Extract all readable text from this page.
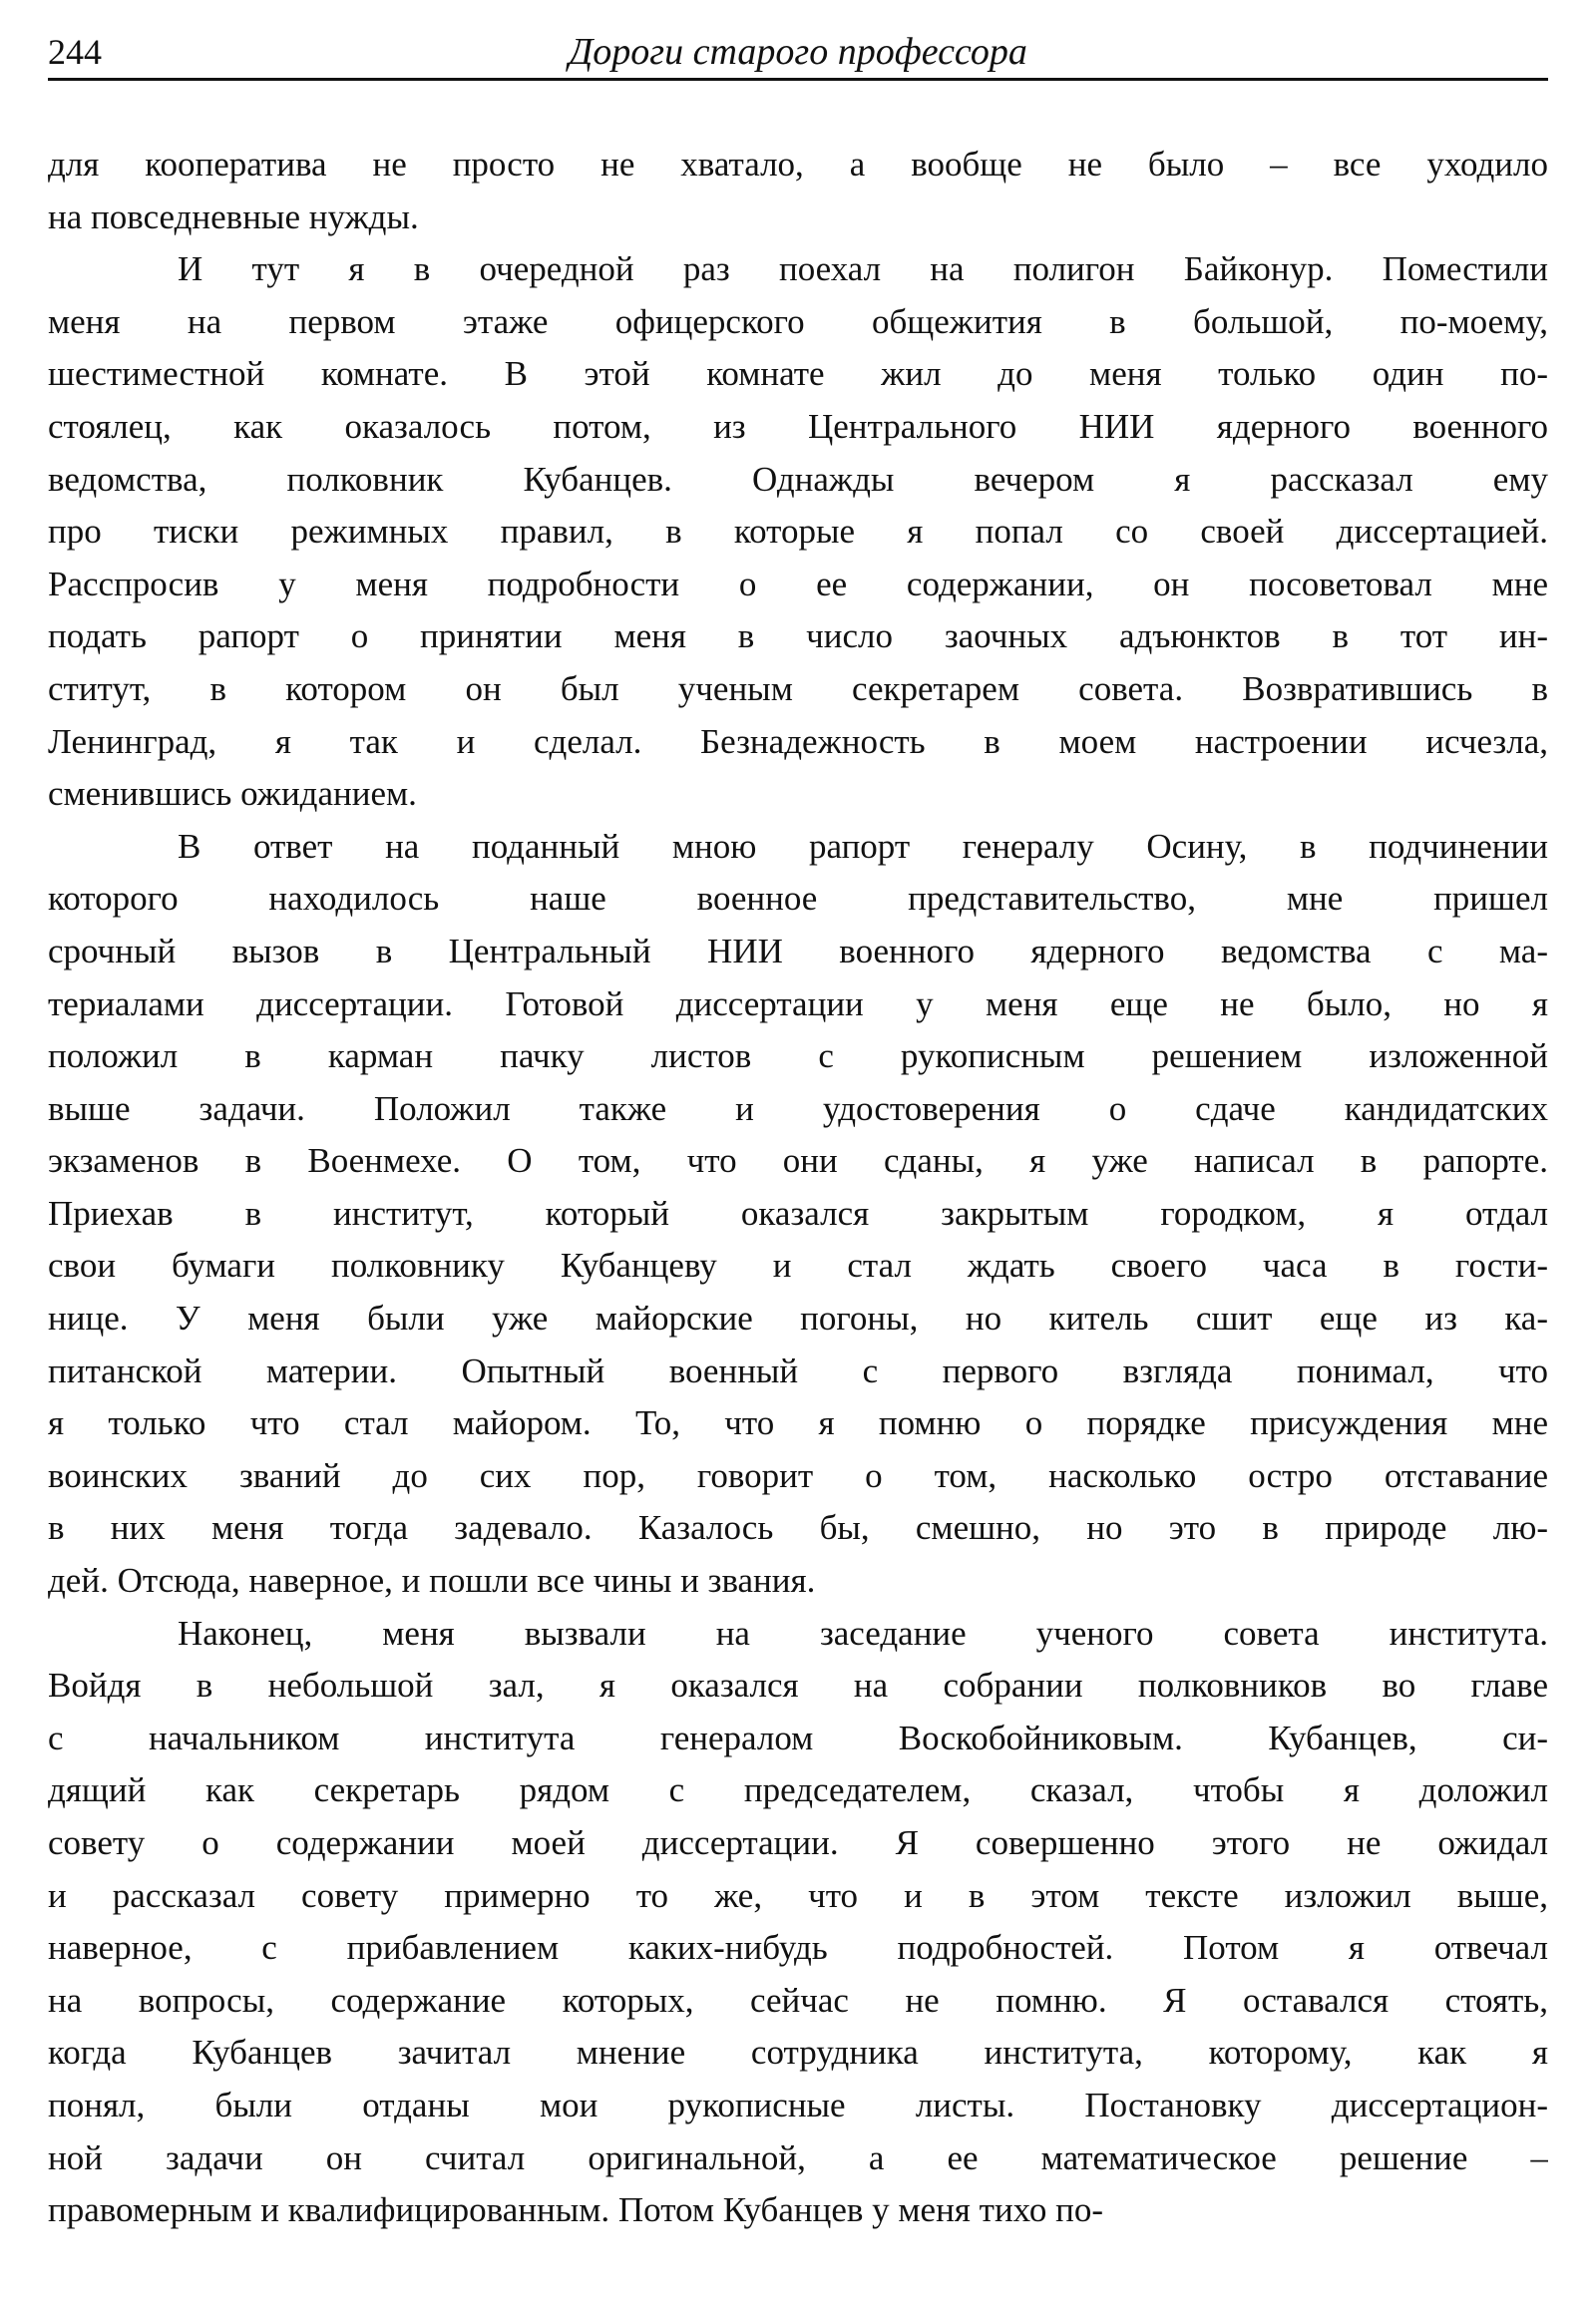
244	Дороги старого профессора
для кооператива не просто не хватало, а вообще не было – все уходило
на повседневные нужды.
И тут я в очередной раз поехал на полигон Байконур. Поместили
меня на первом этаже офицерского общежития в большой, по-моему,
шестиместной комнате. В этой комнате жил до меня только один по-
стоялец, как оказалось потом, из Центрального НИИ ядерного военного
ведомства, полковник Кубанцев. Однажды вечером я рассказал ему
про тиски режимных правил, в которые я попал со своей диссертацией.
Расспросив у меня подробности о ее содержании, он посоветовал мне
подать рапорт о принятии меня в число заочных адъюнктов в тот ин-
ститут, в котором он был ученым секретарем совета. Возвратившись в
Ленинград, я так и сделал. Безнадежность в моем настроении исчезла,
сменившись ожиданием.
В ответ на поданный мною рапорт генералу Осину, в подчинении
которого находилось наше военное представительство, мне пришел
срочный вызов в Центральный НИИ военного ядерного ведомства с ма-
териалами диссертации. Готовой диссертации у меня еще не было, но я
положил в карман пачку листов с рукописным решением изложенной
выше задачи. Положил также и удостоверения о сдаче кандидатских
экзаменов в Военмехе. О том, что они сданы, я уже написал в рапорте.
Приехав в институт, который оказался закрытым городком, я отдал
свои бумаги полковнику Кубанцеву и стал ждать своего часа в гости-
нице. У меня были уже майорские погоны, но китель сшит еще из ка-
питанской материи. Опытный военный с первого взгляда понимал, что
я только что стал майором. То, что я помню о порядке присуждения мне
воинских званий до сих пор, говорит о том, насколько остро отставание
в них меня тогда задевало. Казалось бы, смешно, но это в природе лю-
дей. Отсюда, наверное, и пошли все чины и звания.
Наконец, меня вызвали на заседание ученого совета института.
Войдя в небольшой зал, я оказался на собрании полковников во главе
с начальником института генералом Воскобойниковым. Кубанцев, си-
дящий как секретарь рядом с председателем, сказал, чтобы я доложил
совету о содержании моей диссертации. Я совершенно этого не ожидал
и рассказал совету примерно то же, что и в этом тексте изложил выше,
наверное, с прибавлением каких-нибудь подробностей. Потом я отвечал
на вопросы, содержание которых, сейчас не помню. Я оставался стоять,
когда Кубанцев зачитал мнение сотрудника института, которому, как я
понял, были отданы мои рукописные листы. Постановку диссертацион-
ной задачи он считал оригинальной, а ее математическое решение –
правомерным и квалифицированным. Потом Кубанцев у меня тихо по-
